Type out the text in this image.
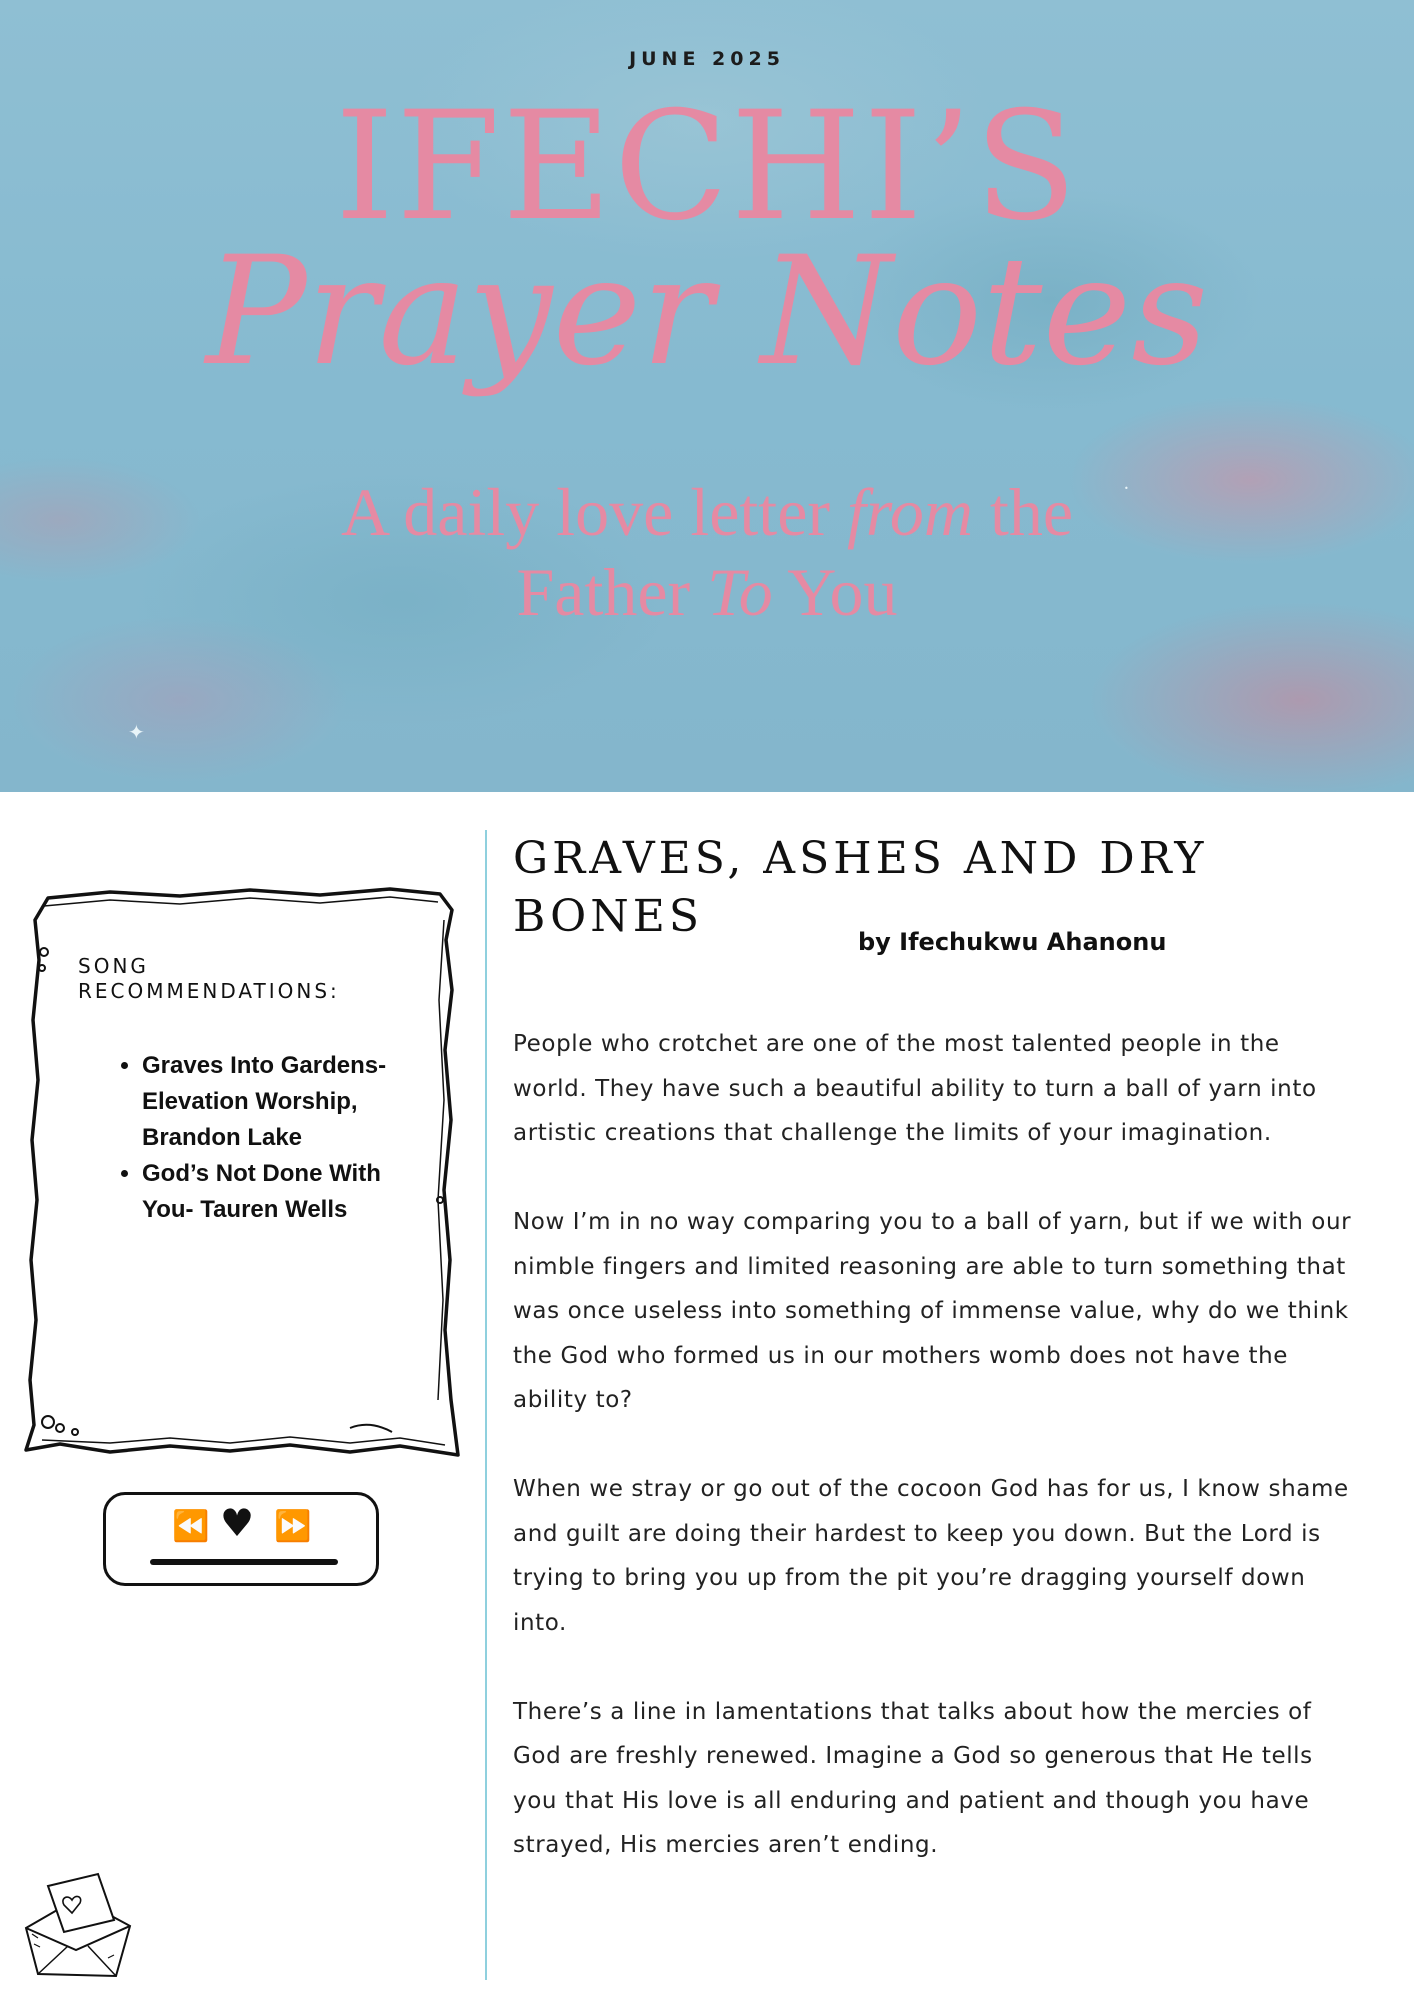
✦
•
JUNE 2025
IFECHI’S
Prayer Notes
A daily love letter from the
Father To You
SONG RECOMMENDATIONS:
• Graves Into Gardens- Elevation Worship, Brandon Lake
• God’s Not Done With You- Tauren Wells
⏪ ♥ ⏩
GRAVES, ASHES AND DRY BONES	by Ifechukwu Ahanonu

People who crotchet are one of the most talented people in the world. They have such a beautiful ability to turn a ball of yarn into artistic creations that challenge the limits of your imagination.

Now I’m in no way comparing you to a ball of yarn, but if we with our nimble fingers and limited reasoning are able to turn something that was once useless into something of immense value, why do we think the God who formed us in our mothers womb does not have the ability to?

When we stray or go out of the cocoon God has for us, I know shame and guilt are doing their hardest to keep you down. But the Lord is trying to bring you up from the pit you’re dragging yourself down into.

There’s a line in lamentations that talks about how the mercies of God are freshly renewed. Imagine a God so generous that He tells you that His love is all enduring and patient and though you have strayed, His mercies aren’t ending.
